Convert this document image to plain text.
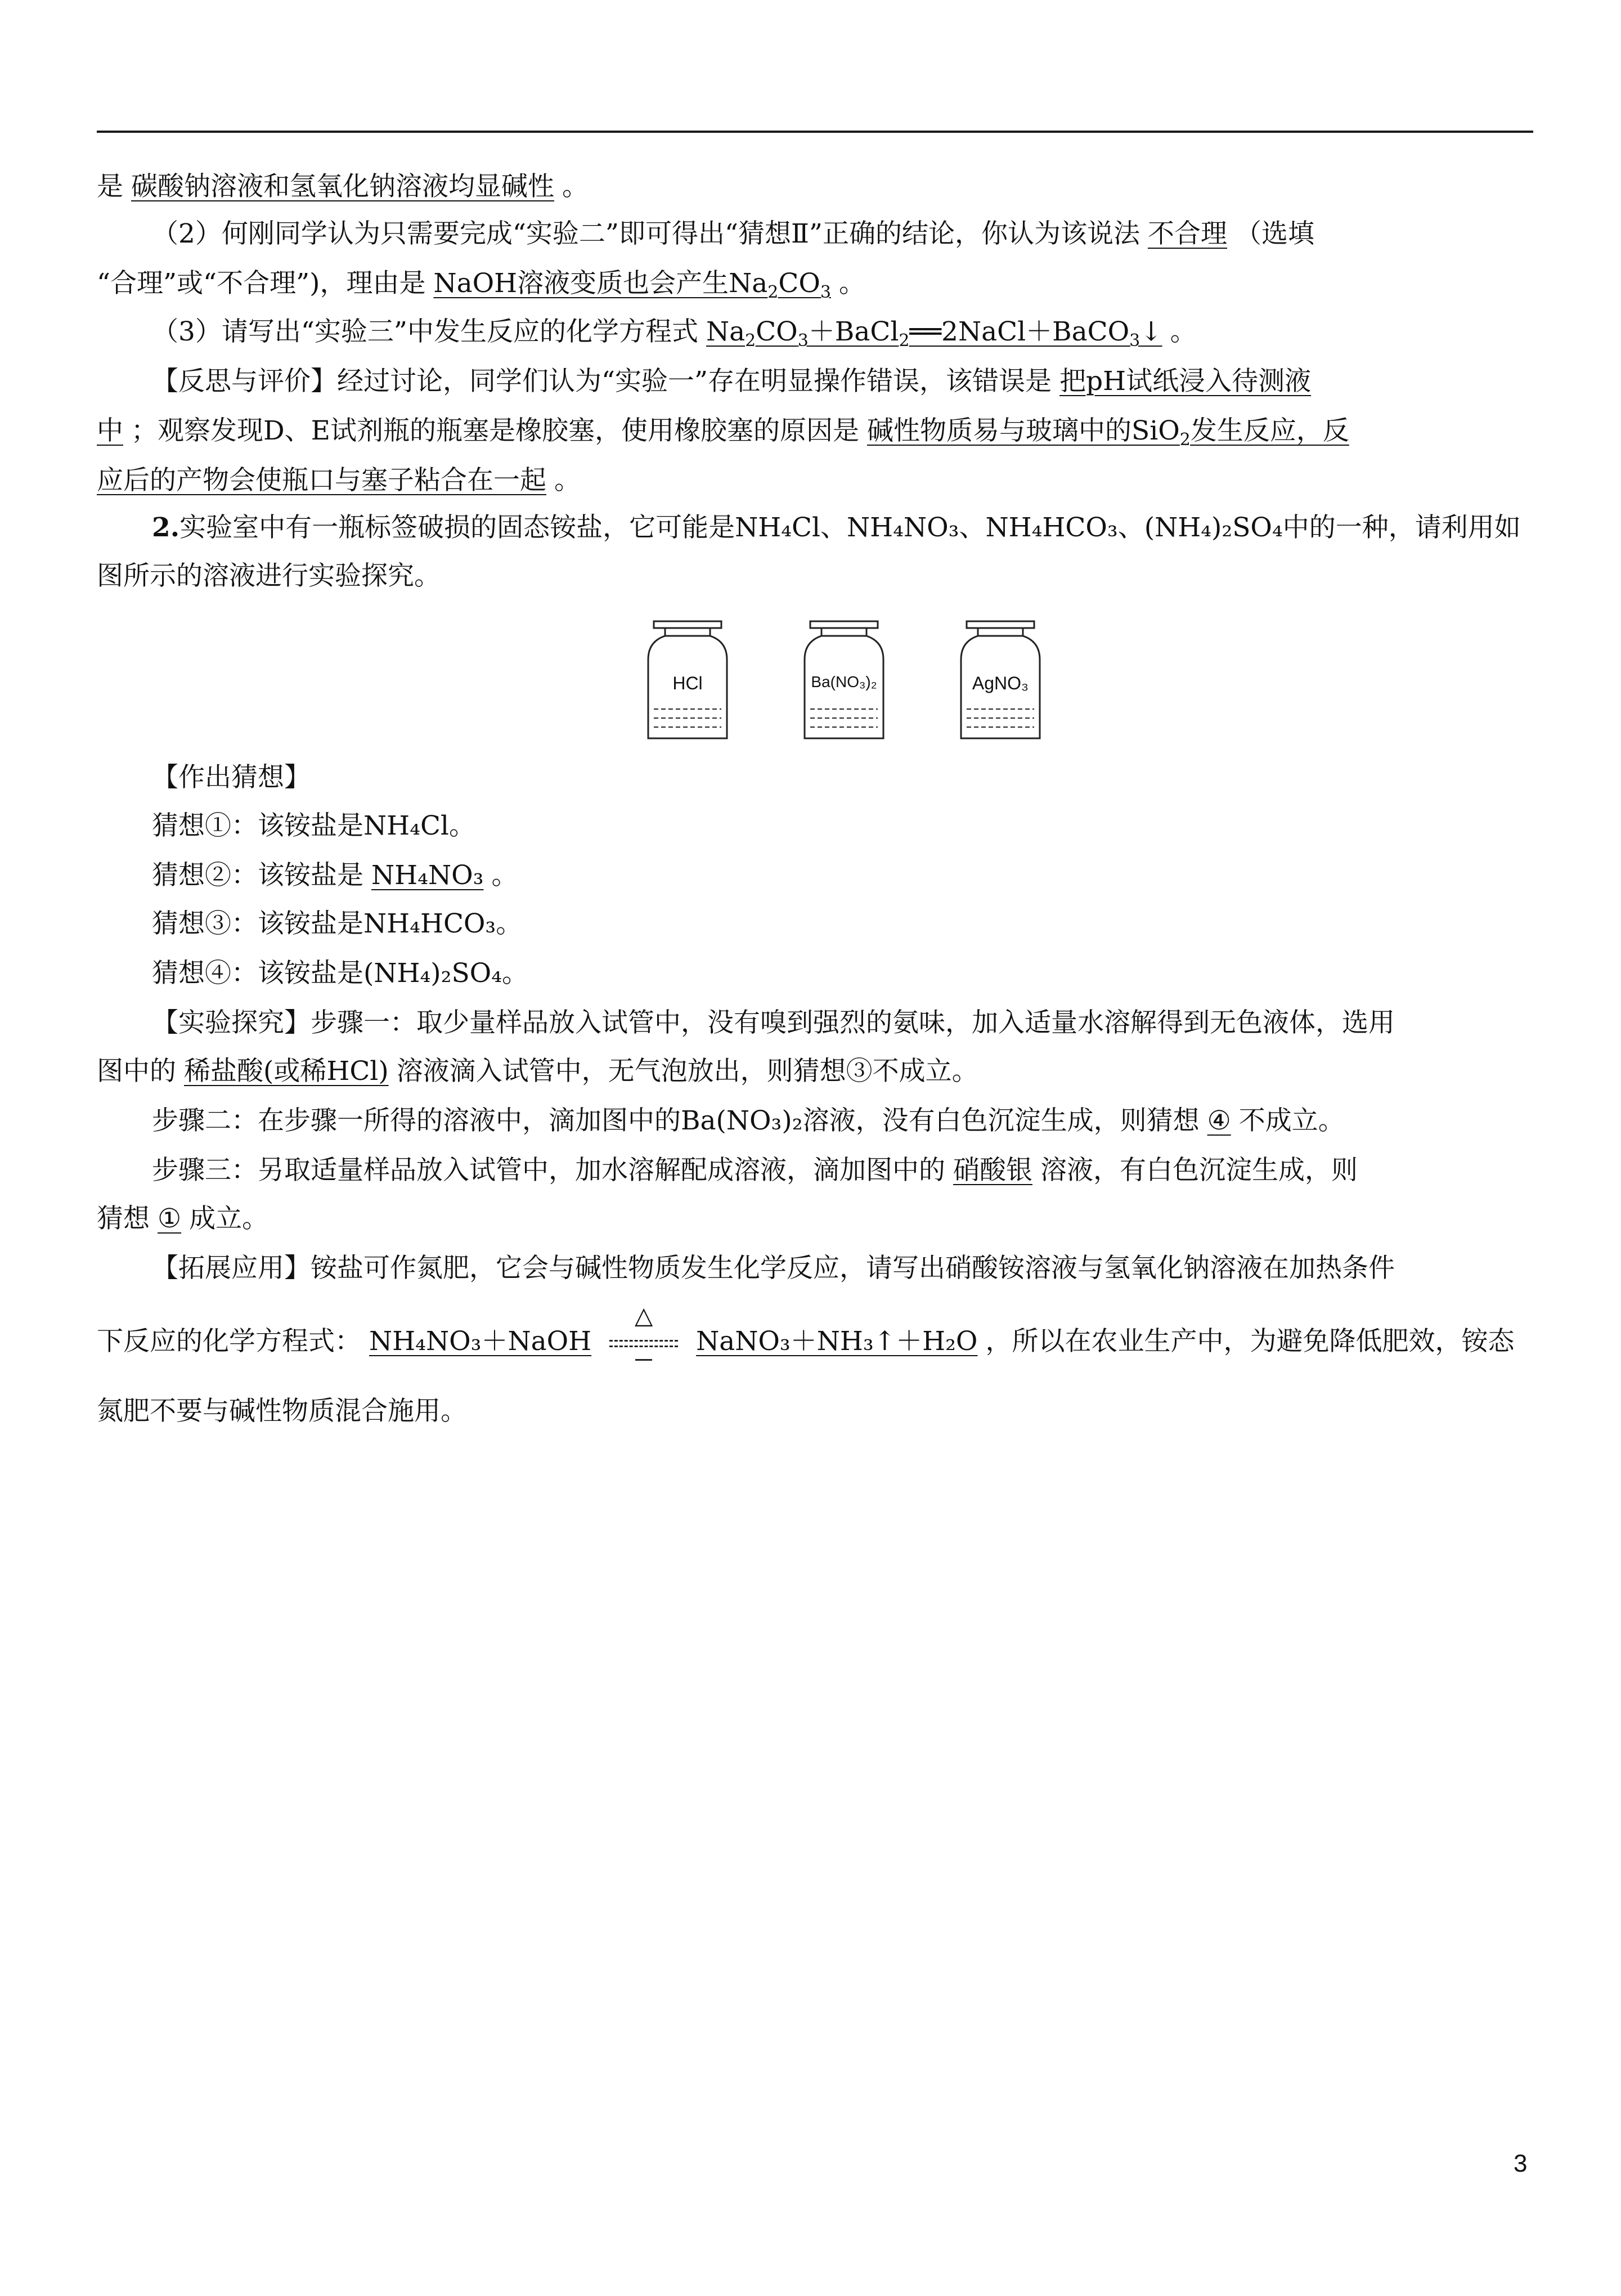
是 碳酸钠溶液和氢氧化钠溶液均显碱性 。
（2）何刚同学认为只需要完成“实验二”即可得出“猜想Ⅱ”正确的结论，你认为该说法 不合理 （选填
“合理”或“不合理”)，理由是 NaOH溶液变质也会产生$Na_2CO_3$ 。
（3）请写出“实验三”中发生反应的化学方程式 $Na_2CO_3+BaCl_2══2NaCl+BaCO_3↓$ 。
【反思与评价】经过讨论，同学们认为“实验一”存在明显操作错误，该错误是 把pH试纸浸入待测液
中 ；观察发现D、E试剂瓶的瓶塞是橡胶塞，使用橡胶塞的原因是 碱性物质易与玻璃中的SiO$_2$发生反应，反
应后的产物会使瓶口与塞子粘合在一起 。
2.实验室中有一瓶标签破损的固态铵盐，它可能是NH₄Cl、NH₄NO₃、NH₄HCO₃、(NH₄)₂SO₄中的一种，请利用如
图所示的溶液进行实验探究。
HCl	Ba(NO₃)₂	AgNO₃
【作出猜想】
猜想①：该铵盐是NH₄Cl。
猜想②：该铵盐是 NH₄NO₃ 。
猜想③：该铵盐是NH₄HCO₃。
猜想④：该铵盐是(NH₄)₂SO₄。
【实验探究】步骤一：取少量样品放入试管中，没有嗅到强烈的氨味，加入适量水溶解得到无色液体，选用
图中的 稀盐酸(或稀HCl) 溶液滴入试管中，无气泡放出，则猜想③不成立。
步骤二：在步骤一所得的溶液中，滴加图中的Ba(NO₃)₂溶液，没有白色沉淀生成，则猜想 ④ 不成立。
步骤三：另取适量样品放入试管中，加水溶解配成溶液，滴加图中的 硝酸银 溶液，有白色沉淀生成，则
猜想 ① 成立。
【拓展应用】铵盐可作氮肥，它会与碱性物质发生化学反应，请写出硝酸铵溶液与氢氧化钠溶液在加热条件
下反应的化学方程式： NH₄NO₃＋NaOH
△
NaNO₃＋NH₃↑＋H₂O ，所以在农业生产中，为避免降低肥效，铵态
氮肥不要与碱性物质混合施用。
3
